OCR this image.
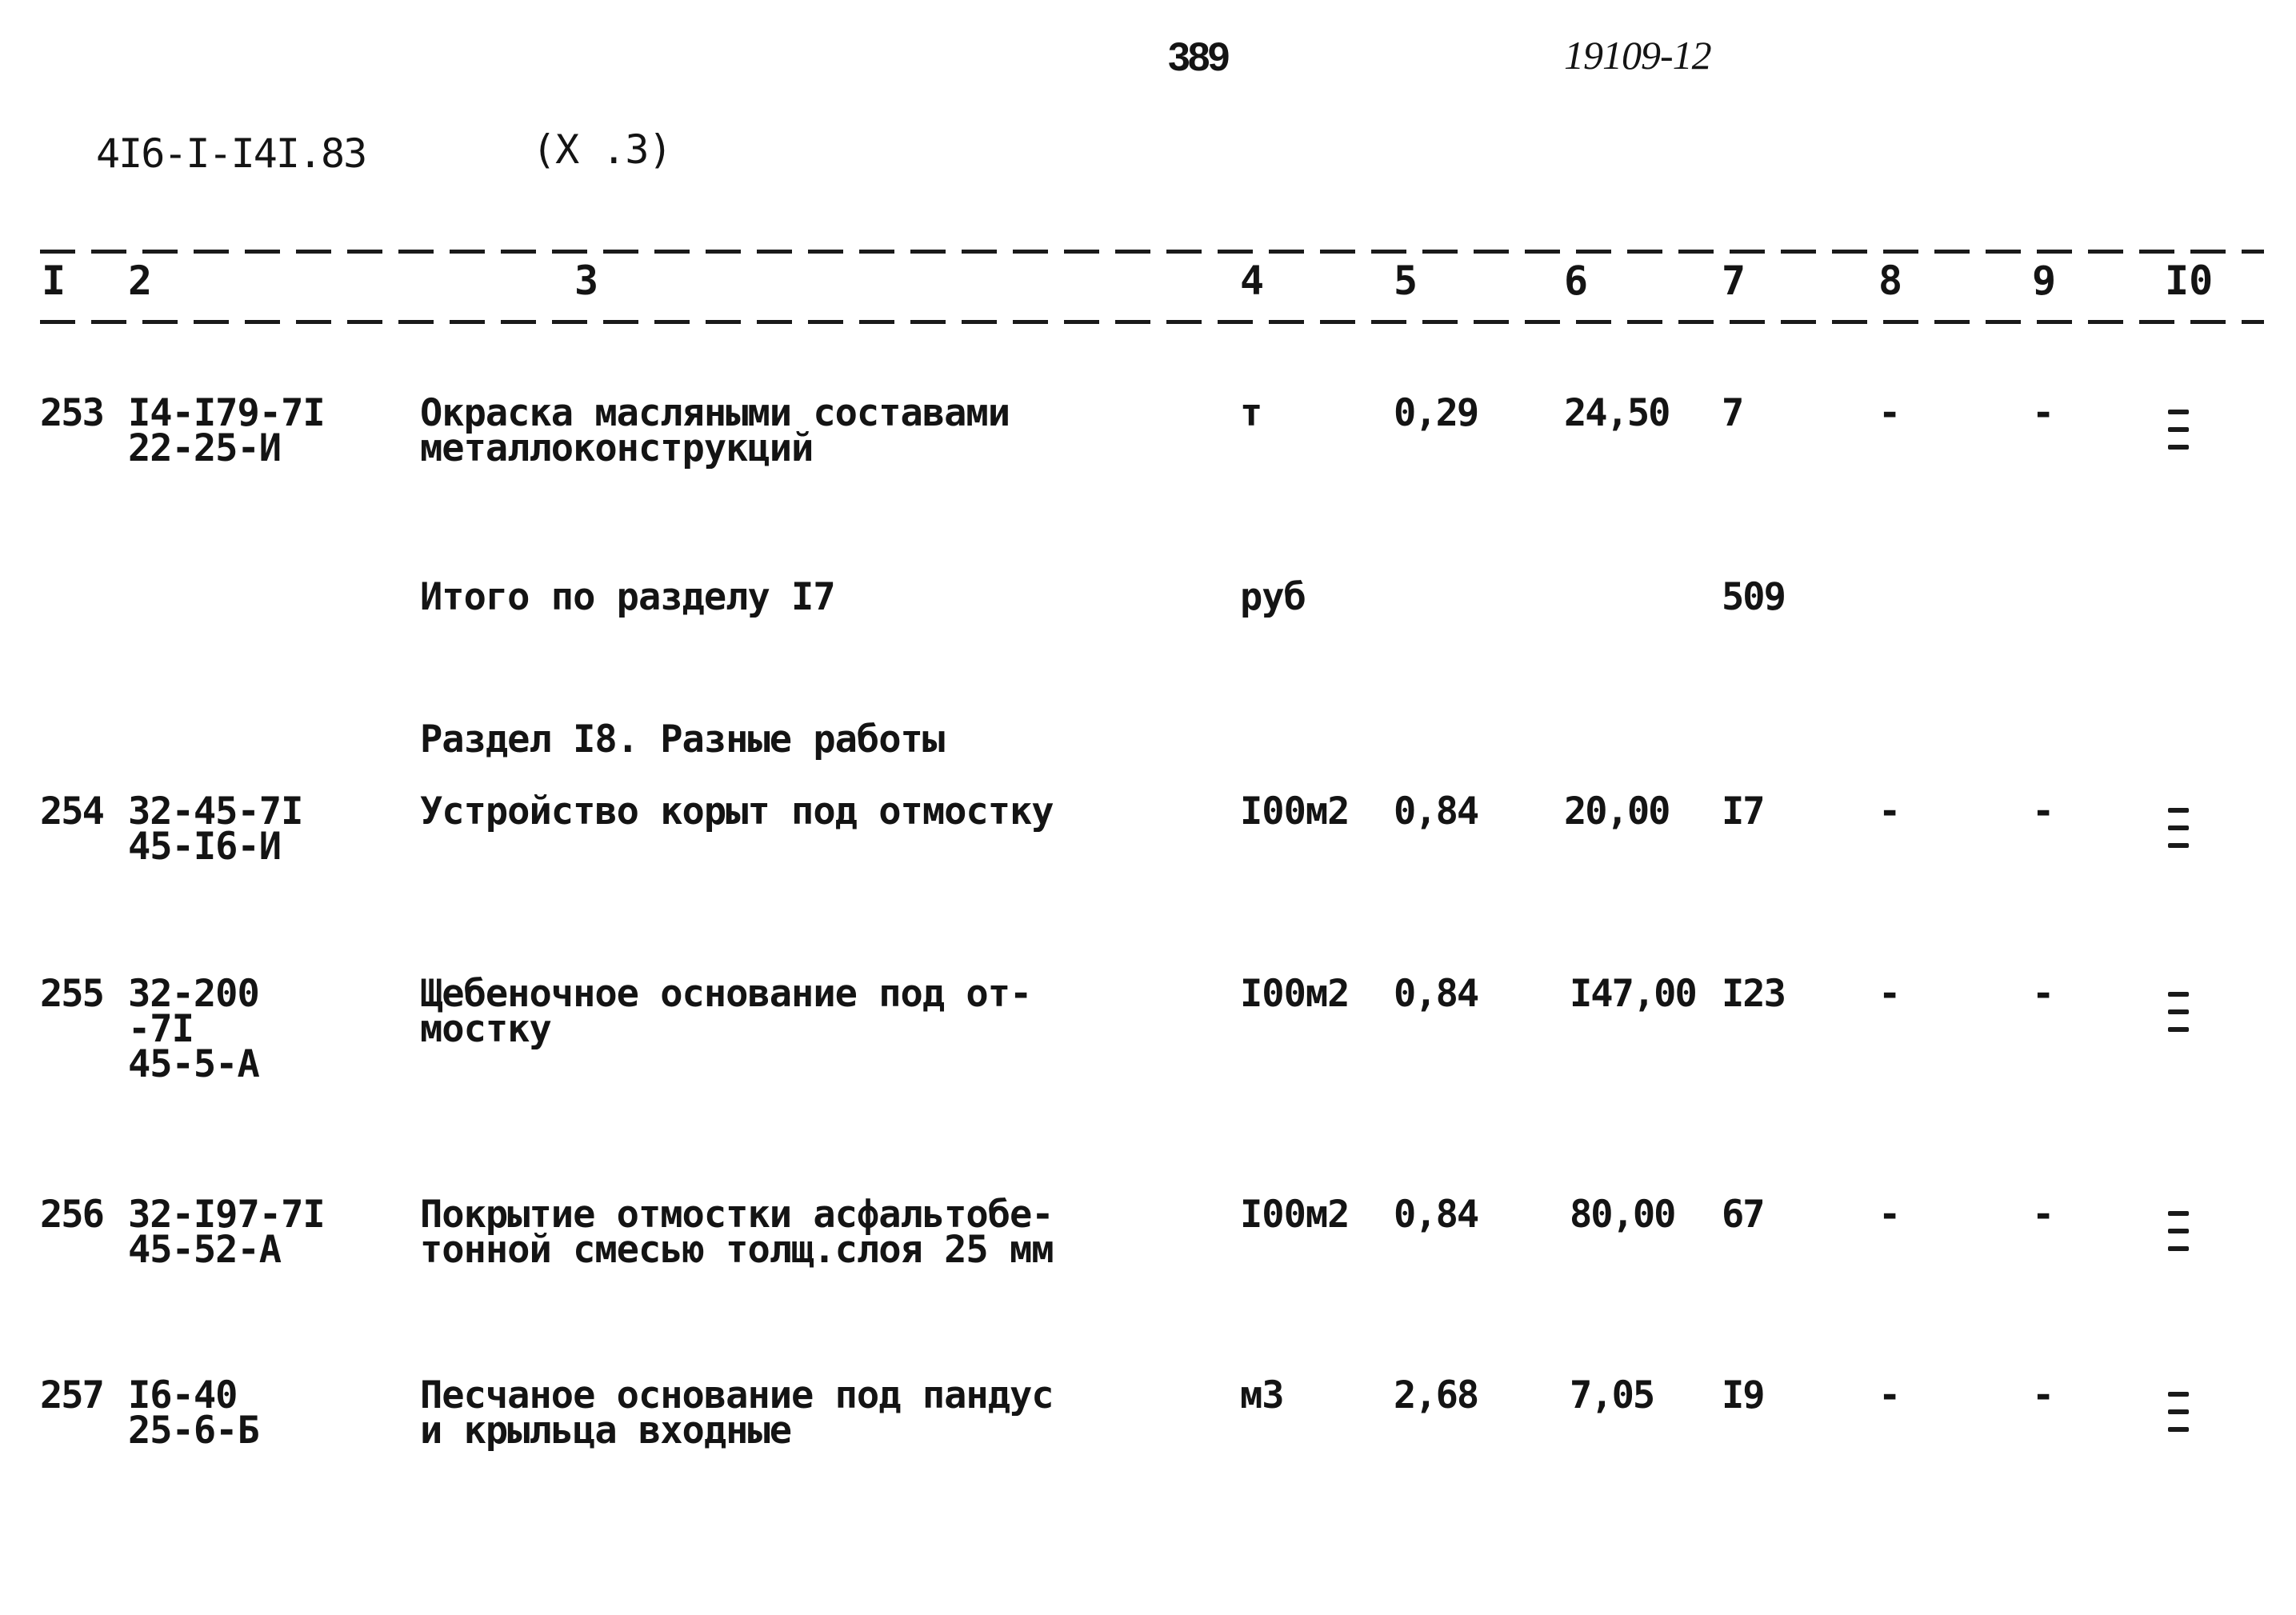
389	19109-12
4I6-I-I4I.83	(X .3)
I 2	3	4	5	6	7	8	9	I0
253 I4-I79-7I
22-25-И
Окраска масляными составами
металлоконструкций
т	0,29 24,50 7	-	-
Итого по разделу I7	руб	509
Раздел I8. Разные работы
254 32-45-7I
45-I6-И
Устройство корыт под отмостку	I00м2 0,84 20,00 I7	-	-
255 32-200
-7I
45-5-А
Щебеночное основание под от-
мостку
I00м2 0,84 I47,00 I23 -	-
256 32-I97-7I
45-52-А
Покрытие отмостки асфальтобе-
тонной смесью толщ.слоя 25 мм
I00м2 0,84 80,00 67	-	-
257 I6-40
25-6-Б
Песчаное основание под пандус
и крыльца входные
м3	2,68 7,05 I9	-	-
